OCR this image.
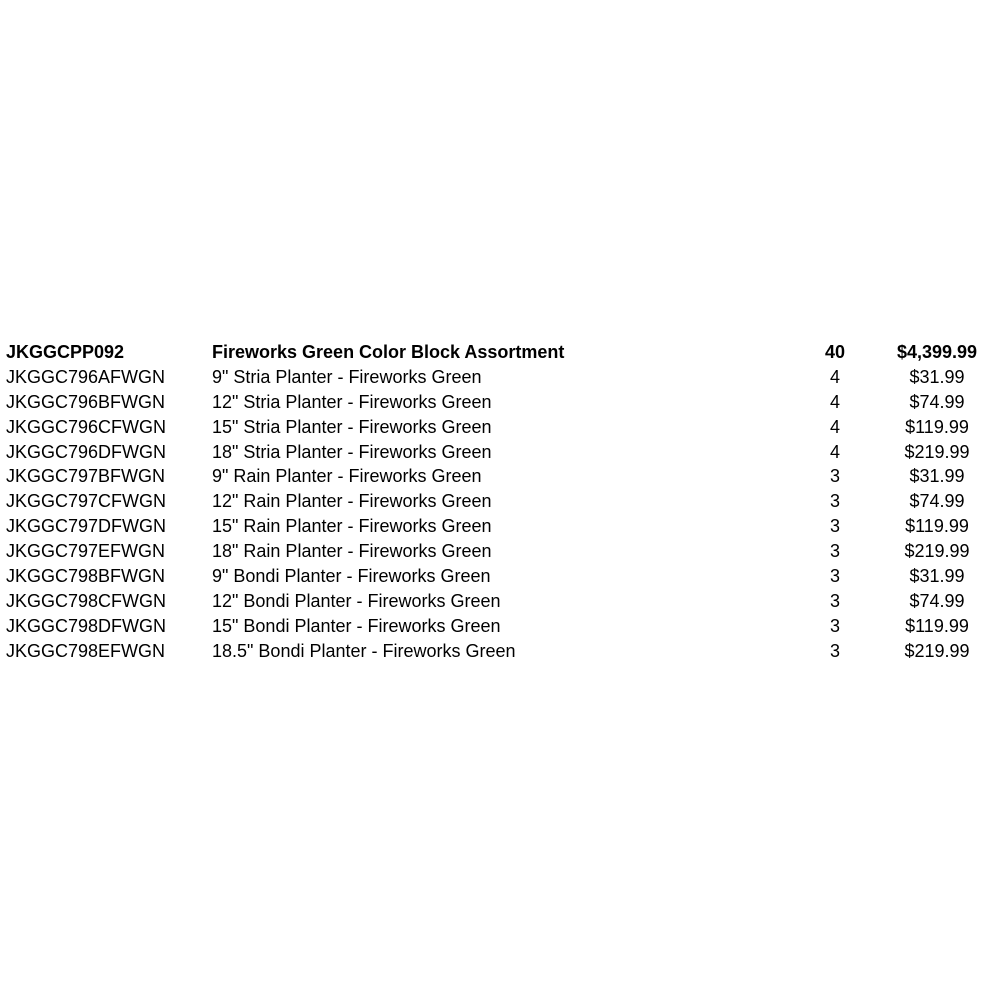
JKGGCPP092	Fireworks Green Color Block Assortment	40	$4,399.99
JKGGC796AFWGN	9" Stria Planter - Fireworks Green	4	$31.99
JKGGC796BFWGN	12" Stria Planter - Fireworks Green	4	$74.99
JKGGC796CFWGN	15" Stria Planter - Fireworks Green	4	$119.99
JKGGC796DFWGN	18" Stria Planter - Fireworks Green	4	$219.99
JKGGC797BFWGN	9" Rain Planter - Fireworks Green	3	$31.99
JKGGC797CFWGN	12" Rain Planter - Fireworks Green	3	$74.99
JKGGC797DFWGN	15" Rain Planter - Fireworks Green	3	$119.99
JKGGC797EFWGN	18" Rain Planter - Fireworks Green	3	$219.99
JKGGC798BFWGN	9" Bondi Planter - Fireworks Green	3	$31.99
JKGGC798CFWGN	12" Bondi Planter - Fireworks Green	3	$74.99
JKGGC798DFWGN	15" Bondi Planter - Fireworks Green	3	$119.99
JKGGC798EFWGN	18.5" Bondi Planter - Fireworks Green	3	$219.99
